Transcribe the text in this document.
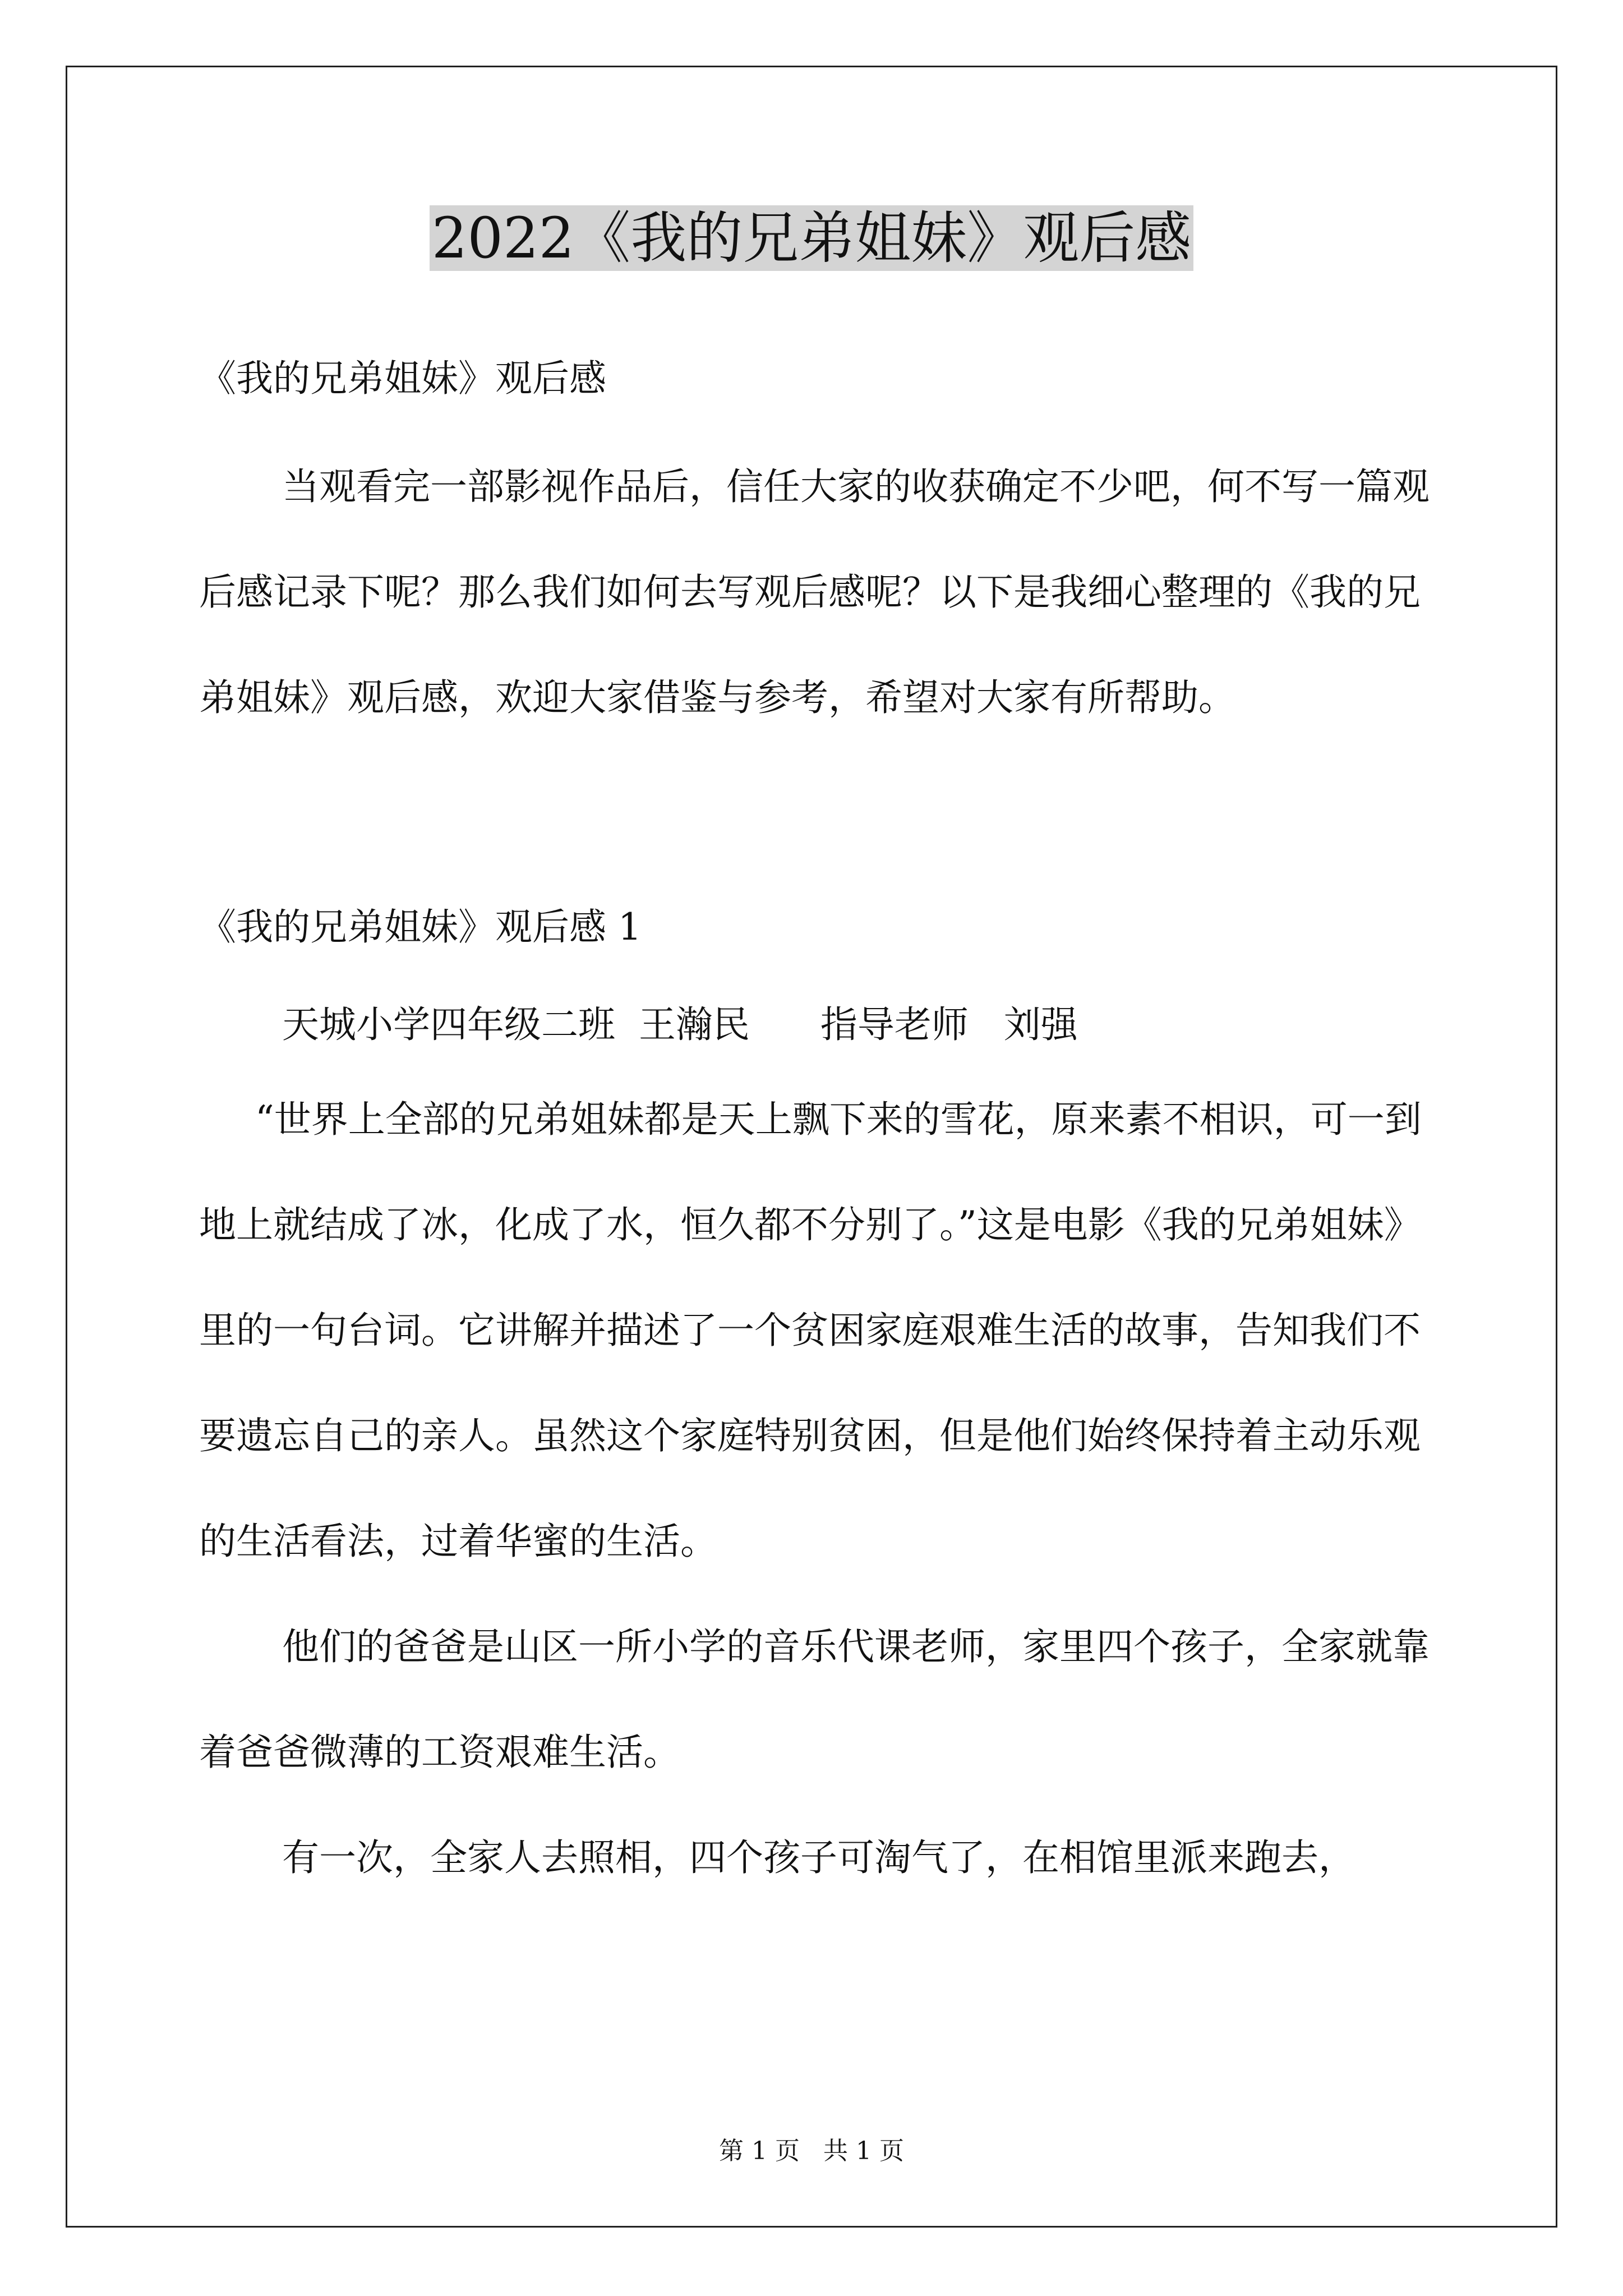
2022《我的兄弟姐妹》观后感

《我的兄弟姐妹》观后感

当观看完一部影视作品后，信任大家的收获确定不少吧，何不写一篇观后感记录下呢？那么我们如何去写观后感呢？以下是我细心整理的《我的兄弟姐妹》观后感，欢迎大家借鉴与参考，希望对大家有所帮助。

《我的兄弟姐妹》观后感 1

天城小学四年级二班  王瀚民      指导老师   刘强

“世界上全部的兄弟姐妹都是天上飘下来的雪花，原来素不相识，可一到地上就结成了冰，化成了水，恒久都不分别了。”这是电影《我的兄弟姐妹》里的一句台词。它讲解并描述了一个贫困家庭艰难生活的故事，告知我们不要遗忘自己的亲人。虽然这个家庭特别贫困，但是他们始终保持着主动乐观的生活看法，过着华蜜的生活。

他们的爸爸是山区一所小学的音乐代课老师，家里四个孩子，全家就靠着爸爸微薄的工资艰难生活。

有一次，全家人去照相，四个孩子可淘气了，在相馆里派来跑去，

第 1 页   共 1 页
